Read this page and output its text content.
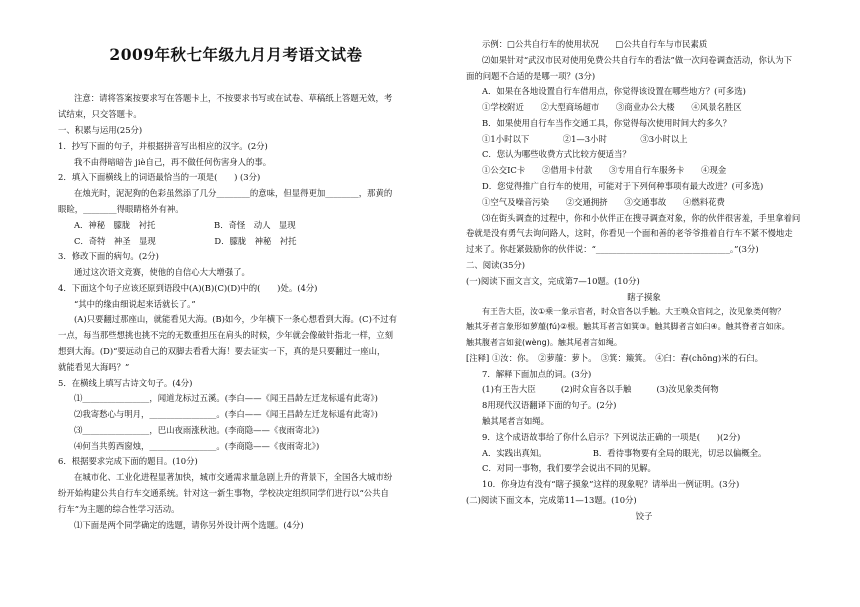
2009年秋七年级九月月考语文试卷
注意：请将答案按要求写在答题卡上，不按要求书写或在试卷、草稿纸上答题无效，考
试结束，只交答题卡。
一、积累与运用(25分)
1．抄写下面的句子，并根据拼音写出相应的汉字。(2分)
我不由得暗暗告 jiè自己，再不做任何伤害身人的事。
2．填入下面横线上的词语最恰当的一项是(　　) (3分)
在烛光时，泥泥狗的色彩虽然添了几分________的意味，但显得更加________，那黄的
眼睑，________得眼睛格外有神。
A．神秘　朦胧　衬托　　　　　　　B．奇怪　动人　显现
C．奇特　神圣　显现　　　　　　　D．朦胧　神秘　衬托
3．修改下面的病句。(2分)
通过这次语文竞赛，使他的自信心大大增强了。
4．下面这个句子应该还原到语段中(A)(B)(C)(D)中的(　　)处。(4分)
“其中的缘由细说起来话就长了。”
(A)只要翻过那座山，就能看见大海。(B)如今，少年横下一条心想看到大海。(C)不过有
一点，每当那些想挑也挑不完的无数重担压在肩头的时候，少年就会像破针指北一样，立刻
想到大海。(D)“要远动自己的双脚去看看大海！要去证实一下，真的是只要翻过一座山，
就能看见大海吗？”
5．在横线上填写古诗文句子。(4分)
⑴________________，闻道龙标过五溪。(李白——《闻王昌龄左迁龙标遥有此寄》)
⑵我寄愁心与明月，________________。(李白——《闻王昌龄左迁龙标遥有此寄》)
⑶________________，巴山夜雨涨秋池。(李商隐——《夜雨寄北》)
⑷何当共剪西窗烛，________________。(李商隐——《夜雨寄北》)
6．根据要求完成下面的题目。(10分)
在城市化、工业化进程显著加快，城市交通需求量急剧上升的背景下，全国各大城市纷
纷开始构建公共自行车交通系统。针对这一新生事物，学校决定组织同学们进行以“公共自
行车”为主题的综合性学习活动。
⑴下面是两个同学确定的选题，请你另外设计两个选题。(4分)
示例：□公共自行车的使用状况　　□公共自行车与市民素质
⑵如果针对“武汉市民对使用免费公共自行车的看法”做一次问卷调查活动，你认为下
面的问题不合适的是哪一项？(3分)
A．如果在各地设置自行车借用点，你觉得该设置在哪些地方？(可多选)
①学校附近　　②大型商场超市　　③商业办公大楼　　④风景名胜区
B．如果使用自行车当作交通工具，你觉得每次使用时间大约多久？
①1小时以下　　　　②1—3小时　　　　③3小时以上
C．您认为哪些收费方式比较方便适当？
①公交IC卡　　②借用卡付款　　③专用自行车服务卡　　④现金
D．您觉得推广自行车的使用，可能对于下列何种事项有最大改进？(可多选)
①空气及噪音污染　　②交通拥挤　　③交通事故　　④燃料花费
⑶在街头调查的过程中，你和小伙伴正在搜寻调查对象，你的伙伴很害羞，手里拿着问
卷就是没有勇气去询问路人，这时，你看见一个面和善的老爷爷推着自行车不紧不慢地走
过来了。你赶紧鼓励你的伙伴说：“________________________________。”(3分)
二、阅读(35分)
(一)阅读下面文言文，完成第7—10题。(10分)
瞎子摸象
有王告大臣，汝①乘一象示盲者，时众盲各以手触。大王唤众盲问之，汝见象类何物？
触其牙者言象形如萝菔(fú)②根。触其耳者言如箕③。触其脚者言如臼④。触其脊者言如床。
触其腹者言如瓮(wèng)。触其尾者言如绳。
[注释] ①汝：你。　②萝菔：萝卜。　③箕：簸箕。　④臼：舂(chōng)米的石臼。
7．解释下面加点的词。(3分)
(1)有王告大臣　　　(2)时众盲各以手触　　　(3)汝见象类何物
8用现代汉语翻译下面的句子。(2分)
触其尾者言如绳。
9．这个成语故事给了你什么启示？下列说法正确的一项是(　　)(2分)
A．实践出真知。　　　　　　B．看待事物要有全局的眼光，切忌以偏概全。
C．对同一事物，我们要学会说出不同的见解。
10．你身边有没有“瞎子摸象”这样的现象呢？请举出一例证明。(3分)
(二)阅读下面文本，完成第11—13题。(10分)
饺子
